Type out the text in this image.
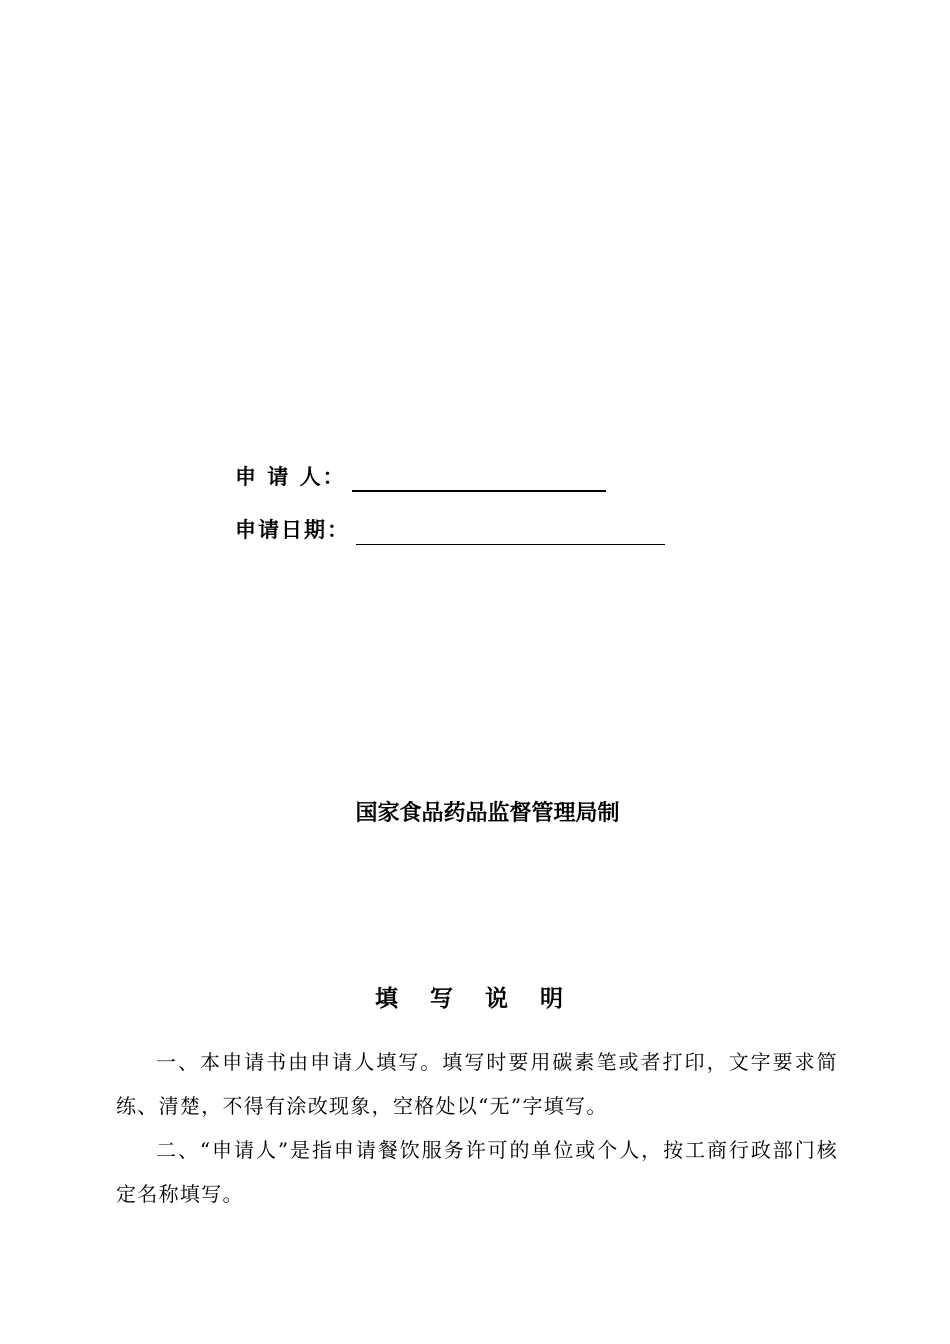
申 请 人：
申请日期：
国家食品药品监督管理局制
填 写 说 明

一、本申请书由申请人填写。填写时要用碳素笔或者打印，文字要求简练、清楚，不得有涂改现象，空格处以“无”字填写。

二、“申请人”是指申请餐饮服务许可的单位或个人，按工商行政部门核定名称填写。
